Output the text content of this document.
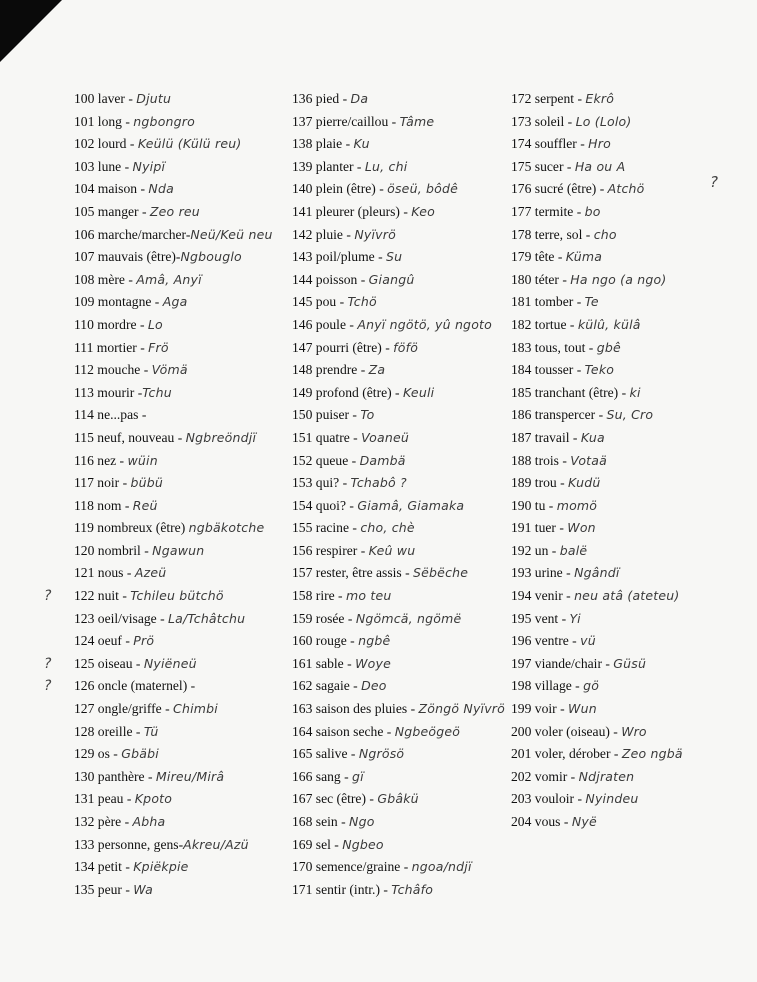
100 laver - Djutu
101 long - ngbongro
102 lourd - Keülü (Külü reu)
103 lune - Nyipï
104 maison - Nda
105 manger - Zeo reu
106 marche/marcher-Neü/Keü neu
107 mauvais (être)-Ngbouglo
108 mère - Amâ, Anyï
109 montagne - Aga
110 mordre - Lo
111 mortier - Frö
112 mouche - Vömä
113 mourir -Tchu
114 ne...pas -
115 neuf, nouveau - Ngbreöndjï
116 nez - wüin
117 noir - bübü
118 nom - Reü
119 nombreux (être) ngbäkotche
120 nombril - Ngawun
121 nous - Azeü
? 122 nuit - Tchileu bütchö
123 oeil/visage - La/Tchâtchu
124 oeuf - Prö
? 125 oiseau - Nyiëneü
? 126 oncle (maternel) -
127 ongle/griffe - Chimbi
128 oreille - Tü
129 os - Gbäbi
130 panthère - Mireu/Mirâ
131 peau - Kpoto
132 père - Abha
133 personne, gens-Akreu/Azü
134 petit - Kpiëkpie
135 peur - Wa
136 pied - Da
137 pierre/caillou - Tâme
138 plaie - Ku
139 planter - Lu, chi
140 plein (être) - öseü, bôdê
141 pleurer (pleurs) - Keo
142 pluie - Nyïvrö
143 poil/plume - Su
144 poisson - Giangû
145 pou - Tchö
146 poule - Anyï ngötö, yû ngoto
147 pourri (être) - föfö
148 prendre - Za
149 profond (être) - Keuli
150 puiser - To
151 quatre - Voaneü
152 queue - Dambä
153 qui? - Tchabô ?
154 quoi? - Giamâ, Giamaka
155 racine - cho, chè
156 respirer - Keû wu
157 rester, être assis - Sëbëche
158 rire - mo teu
159 rosée - Ngömcä, ngömë
160 rouge - ngbê
161 sable - Woye
162 sagaie - Deo
163 saison des pluies - Zöngö Nyïvrö
164 saison seche - Ngbeögeö
165 salive - Ngrösö
166 sang - gï
167 sec (être) - Gbâkü
168 sein - Ngo
169 sel - Ngbeo
170 semence/graine - ngoa/ndjï
171 sentir (intr.) - Tchâfo
172 serpent - Ekrô
173 soleil - Lo (Lolo)
174 souffler - Hro
175 sucer - Ha ou A
176 sucré (être) - Atchö
177 termite - bo
178 terre, sol - cho
179 tête - Küma
180 téter - Ha ngo (a ngo)
181 tomber - Te
182 tortue - külû, külâ
183 tous, tout - gbê
184 tousser - Teko
185 tranchant (être) - ki
186 transpercer - Su, Cro
187 travail - Kua
188 trois - Votaä
189 trou - Kudü
190 tu - momö
191 tuer - Won
192 un - balë
193 urine - Ngândï
194 venir - neu atâ (ateteu)
195 vent - Yi
196 ventre - vü
197 viande/chair - Güsü
198 village - gö
199 voir - Wun
200 voler (oiseau) - Wro
201 voler, dérober - Zeo ngbä
202 vomir - Ndjraten
203 vouloir - Nyindeu
204 vous - Nyë
?
